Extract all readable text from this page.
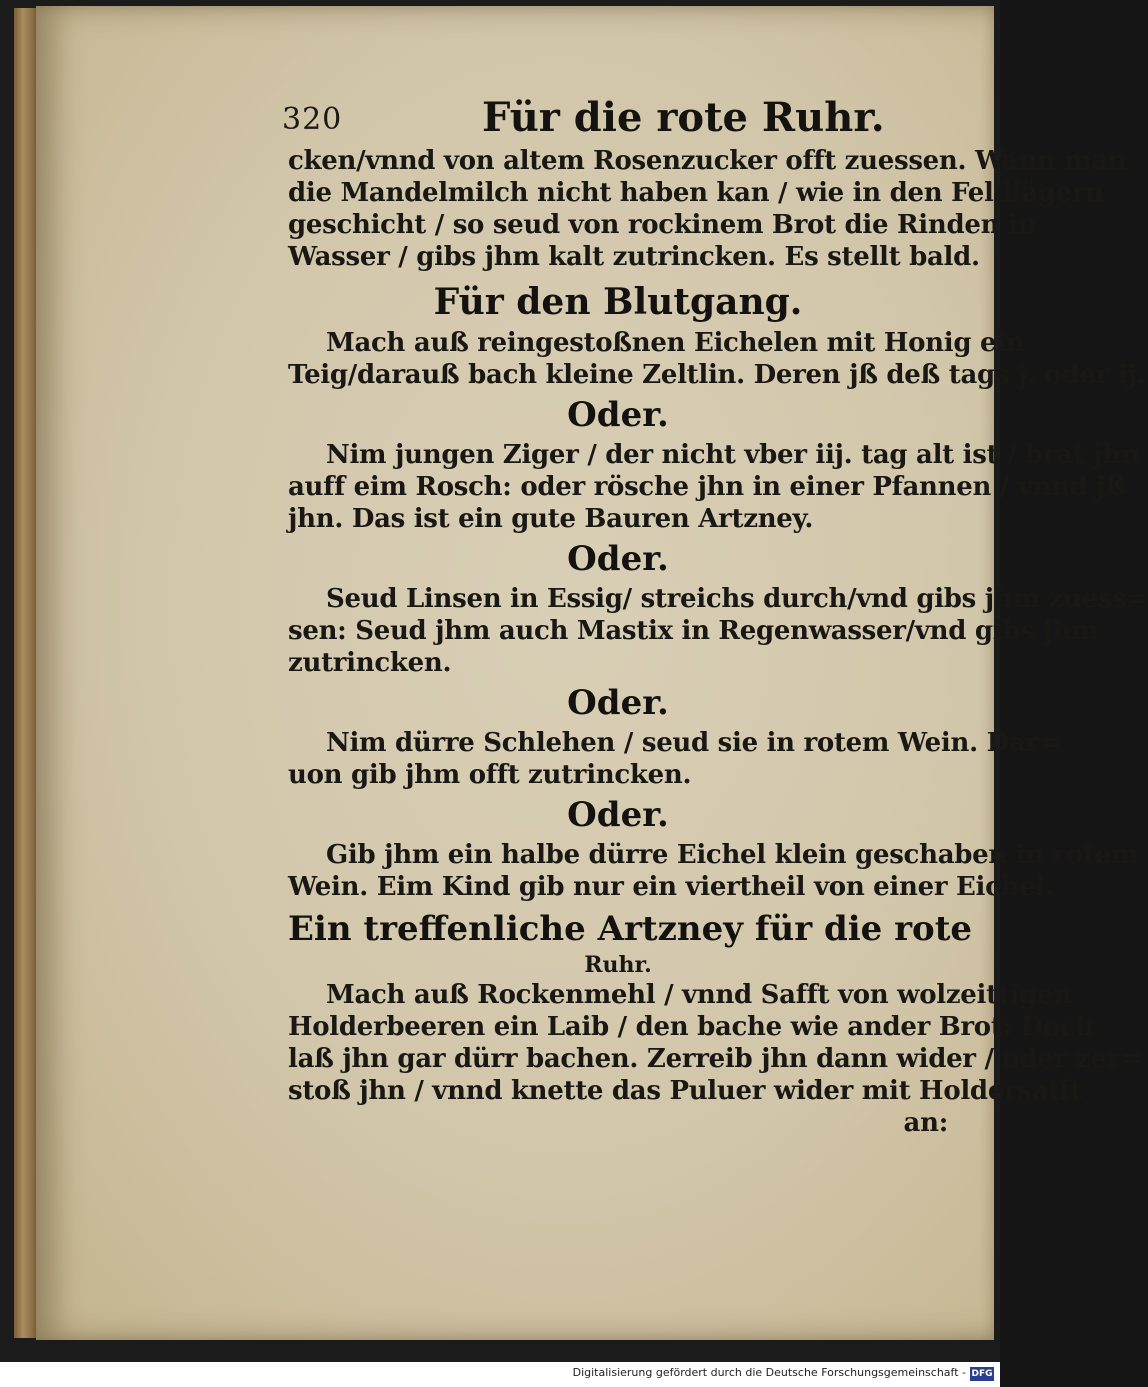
320	Für die rote Ruhr.
cken/vnnd von altem Rosenzucker offt zuessen. Wann man
die Mandelmilch nicht haben kan / wie in den Feldlägern
geschicht / so seud von rockinem Brot die Rinden in
Wasser / gibs jhm kalt zutrincken. Es stellt bald.
Für den Blutgang.
Mach auß reingestoßnen Eichelen mit Honig ein
Teig/darauß bach kleine Zeltlin. Deren jß deß tags j. oder ij.
Oder.
Nim jungen Ziger / der nicht vber iij. tag alt ist / brat jhn
auff eim Rosch: oder rösche jhn in einer Pfannen / vnnd jß
jhn. Das ist ein gute Bauren Artzney.
Oder.
Seud Linsen in Essig/ streichs durch/vnd gibs jhm zuess=
sen: Seud jhm auch Mastix in Regenwasser/vnd gibs jhm
zutrincken.
Oder.
Nim dürre Schlehen / seud sie in rotem Wein. Dar=
uon gib jhm offt zutrincken.
Oder.
Gib jhm ein halbe dürre Eichel klein geschaben in rotem
Wein. Eim Kind gib nur ein viertheil von einer Eichel.
Ein treffenliche Artzney für die rote
Ruhr.
Mach auß Rockenmehl / vnnd Safft von wolzeittigen
Holderbeeren ein Laib / den bache wie ander Brot: Doch
laß jhn gar dürr bachen. Zerreib jhn dann wider / oder zer=
stoß jhn / vnnd knette das Puluer wider mit Holdersafft
an:
Digitalisierung gefördert durch die Deutsche Forschungsgemeinschaft - DFG
